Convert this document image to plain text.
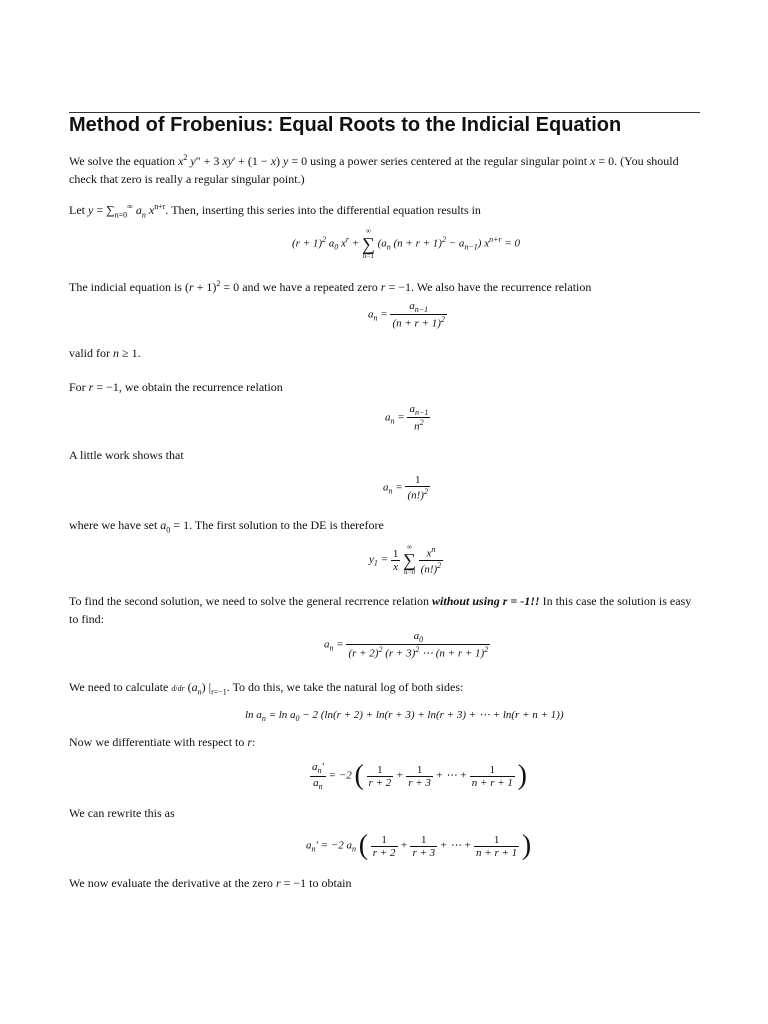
Method of Frobenius: Equal Roots to the Indicial Equation
We solve the equation $x^2$ y" + 3 xy' + (1 − x) y = 0 using a power series centered at the regular singular point x = 0. (You should
check that zero is really a regular singular point.)
Let $y = \sum_{n=0}^\infty$ $a_n$ $x^{n+r}$. Then, inserting this series into the differential equation results in
$(r + 1)^2$ $a_0$ $x^r$ +
∞
∑
n=1
($a_n$ $(n + r + 1)^2 - a_{n-1}$) $x^{n+r} = 0$
The indicial equation is $(r + 1)^2 = 0$ and we have a repeated zero r = −1. We also have the recurrence relation
$a_n = \frac{a_{n-1}}{(n + r + 1)^2}$
valid for n ≥ 1.
For r = −1, we obtain the recurrence relation
$a_n = \frac{a_{n-1}}{n^2}$
A little work shows that
$a_n = \frac{1}{(n!)^2}$
where we have set $a_0 = 1$. The first solution to the DE is therefore
$y_1 = \frac{1}{x}$

∞
∑
n=0
$\frac{x^n}{(n!)^2}$
To find the second solution, we need to solve the general recrrence relation without using r = -1!! In this case the solution is easy
to find:
$a_n = \frac{a_0}{(r + 2)^2 (r + 3)^2 \cdots (n + r + 1)^2}$
We need to calculate d/dr $(a_n)$ $|_{r=-1}$. To do this, we take the natural log of both sides:
$\ln a_n = \ln a_0 - 2$ (ln(r + 2) + ln(r + 3) + ln(r + 3) + ⋯ + ln(r + n + 1))
Now we differentiate with respect to r:
$\frac{a_n'}{a_n} = -2$ ( $\frac{1}{r + 2} + \frac{1}{r + 3}$ + ⋯ + $\frac{1}{n + r + 1}$ )
We can rewrite this as
$a_n' = -2$ $a_n$ ( $\frac{1}{r + 2} + \frac{1}{r + 3}$ + ⋯ + $\frac{1}{n + r + 1}$ )
We now evaluate the derivative at the zero r = −1 to obtain
